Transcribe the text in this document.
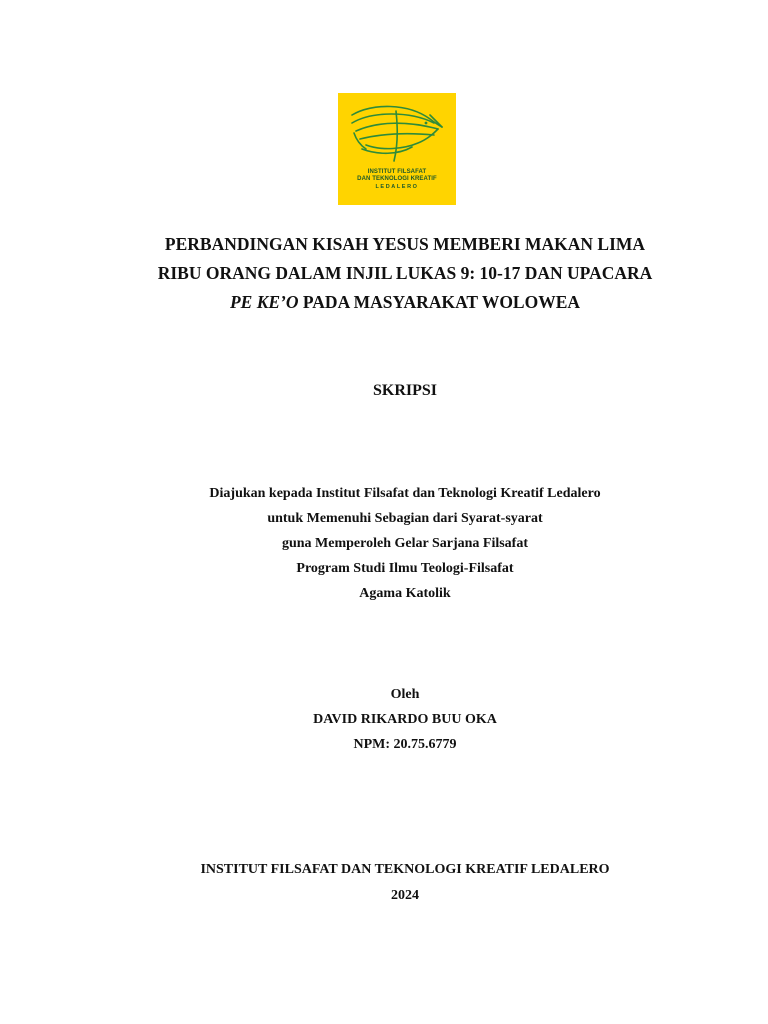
INSTITUT FILSAFAT
DAN TEKNOLOGI KREATIF
LEDALERO
PERBANDINGAN KISAH YESUS MEMBERI MAKAN LIMA
RIBU ORANG DALAM INJIL LUKAS 9: 10-17 DAN UPACARA
PE KE’O PADA MASYARAKAT WOLOWEA
SKRIPSI
Diajukan kepada Institut Filsafat dan Teknologi Kreatif Ledalero
untuk Memenuhi Sebagian dari Syarat-syarat
guna Memperoleh Gelar Sarjana Filsafat
Program Studi Ilmu Teologi-Filsafat
Agama Katolik
Oleh
DAVID RIKARDO BUU OKA
NPM: 20.75.6779
INSTITUT FILSAFAT DAN TEKNOLOGI KREATIF LEDALERO
2024
